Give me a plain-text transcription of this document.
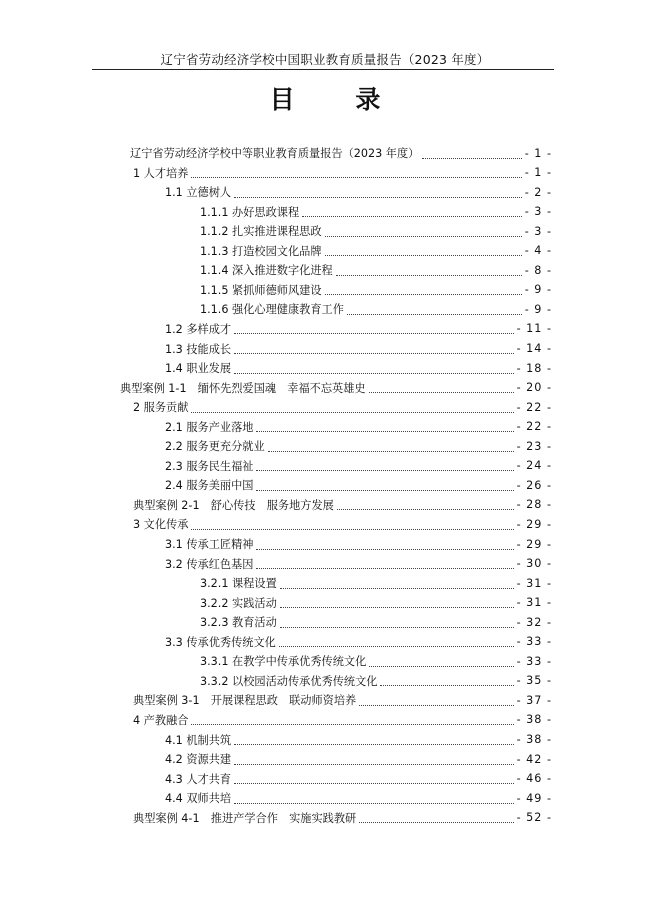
辽宁省劳动经济学校中国职业教育质量报告（2023 年度）
目 录
辽宁省劳动经济学校中等职业教育质量报告（2023 年度）	- 1 -
1 人才培养	- 1 -
1.1 立德树人	- 2 -
1.1.1 办好思政课程	- 3 -
1.1.2 扎实推进课程思政	- 3 -
1.1.3 打造校园文化品牌	- 4 -
1.1.4 深入推进数字化进程	- 8 -
1.1.5 紧抓师德师风建设	- 9 -
1.1.6 强化心理健康教育工作	- 9 -
1.2 多样成才	- 11 -
1.3 技能成长	- 14 -
1.4 职业发展	- 18 -
典型案例 1-1　缅怀先烈爱国魂　幸福不忘英雄史	- 20 -
2 服务贡献	- 22 -
2.1 服务产业落地	- 22 -
2.2 服务更充分就业	- 23 -
2.3 服务民生福祉	- 24 -
2.4 服务美丽中国	- 26 -
典型案例 2-1　舒心传技　服务地方发展	- 28 -
3 文化传承	- 29 -
3.1 传承工匠精神	- 29 -
3.2 传承红色基因	- 30 -
3.2.1 课程设置	- 31 -
3.2.2 实践活动	- 31 -
3.2.3 教育活动	- 32 -
3.3 传承优秀传统文化	- 33 -
3.3.1 在教学中传承优秀传统文化	- 33 -
3.3.2 以校园活动传承优秀传统文化	- 35 -
典型案例 3-1　开展课程思政　联动师资培养	- 37 -
4 产教融合	- 38 -
4.1 机制共筑	- 38 -
4.2 资源共建	- 42 -
4.3 人才共育	- 46 -
4.4 双师共培	- 49 -
典型案例 4-1　推进产学合作　实施实践教研	- 52 -
